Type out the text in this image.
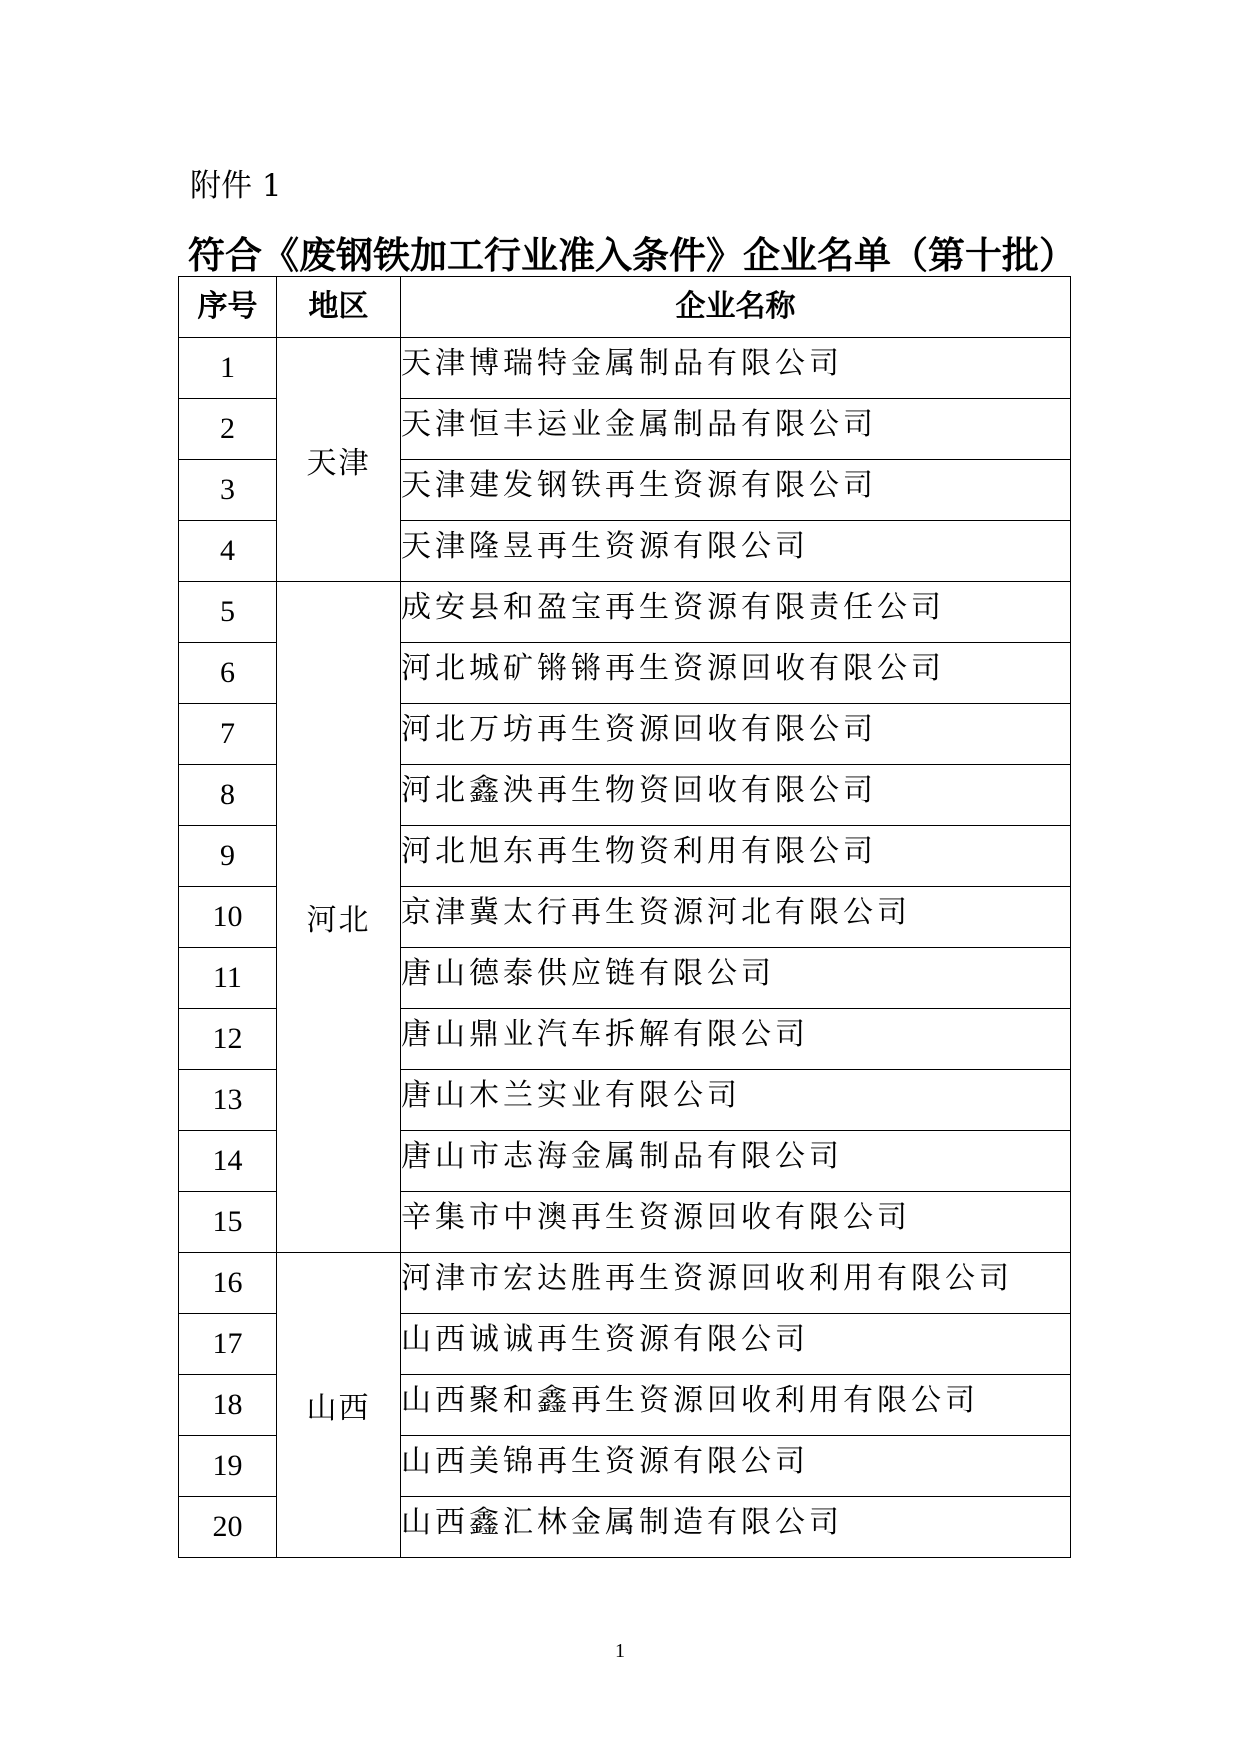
附件 1
符合《废钢铁加工行业准入条件》企业名单（第十批）
序号	地区	企业名称
1	天津	天津博瑞特金属制品有限公司
2		天津恒丰运业金属制品有限公司
3		天津建发钢铁再生资源有限公司
4		天津隆昱再生资源有限公司
5	河北	成安县和盈宝再生资源有限责任公司
6		河北城矿锵锵再生资源回收有限公司
7		河北万坊再生资源回收有限公司
8		河北鑫泱再生物资回收有限公司
9		河北旭东再生物资利用有限公司
10		京津冀太行再生资源河北有限公司
11		唐山德泰供应链有限公司
12		唐山鼎业汽车拆解有限公司
13		唐山木兰实业有限公司
14		唐山市志海金属制品有限公司
15		辛集市中澳再生资源回收有限公司
16	山西	河津市宏达胜再生资源回收利用有限公司
17		山西诚诚再生资源有限公司
18		山西聚和鑫再生资源回收利用有限公司
19		山西美锦再生资源有限公司
20		山西鑫汇林金属制造有限公司
1
